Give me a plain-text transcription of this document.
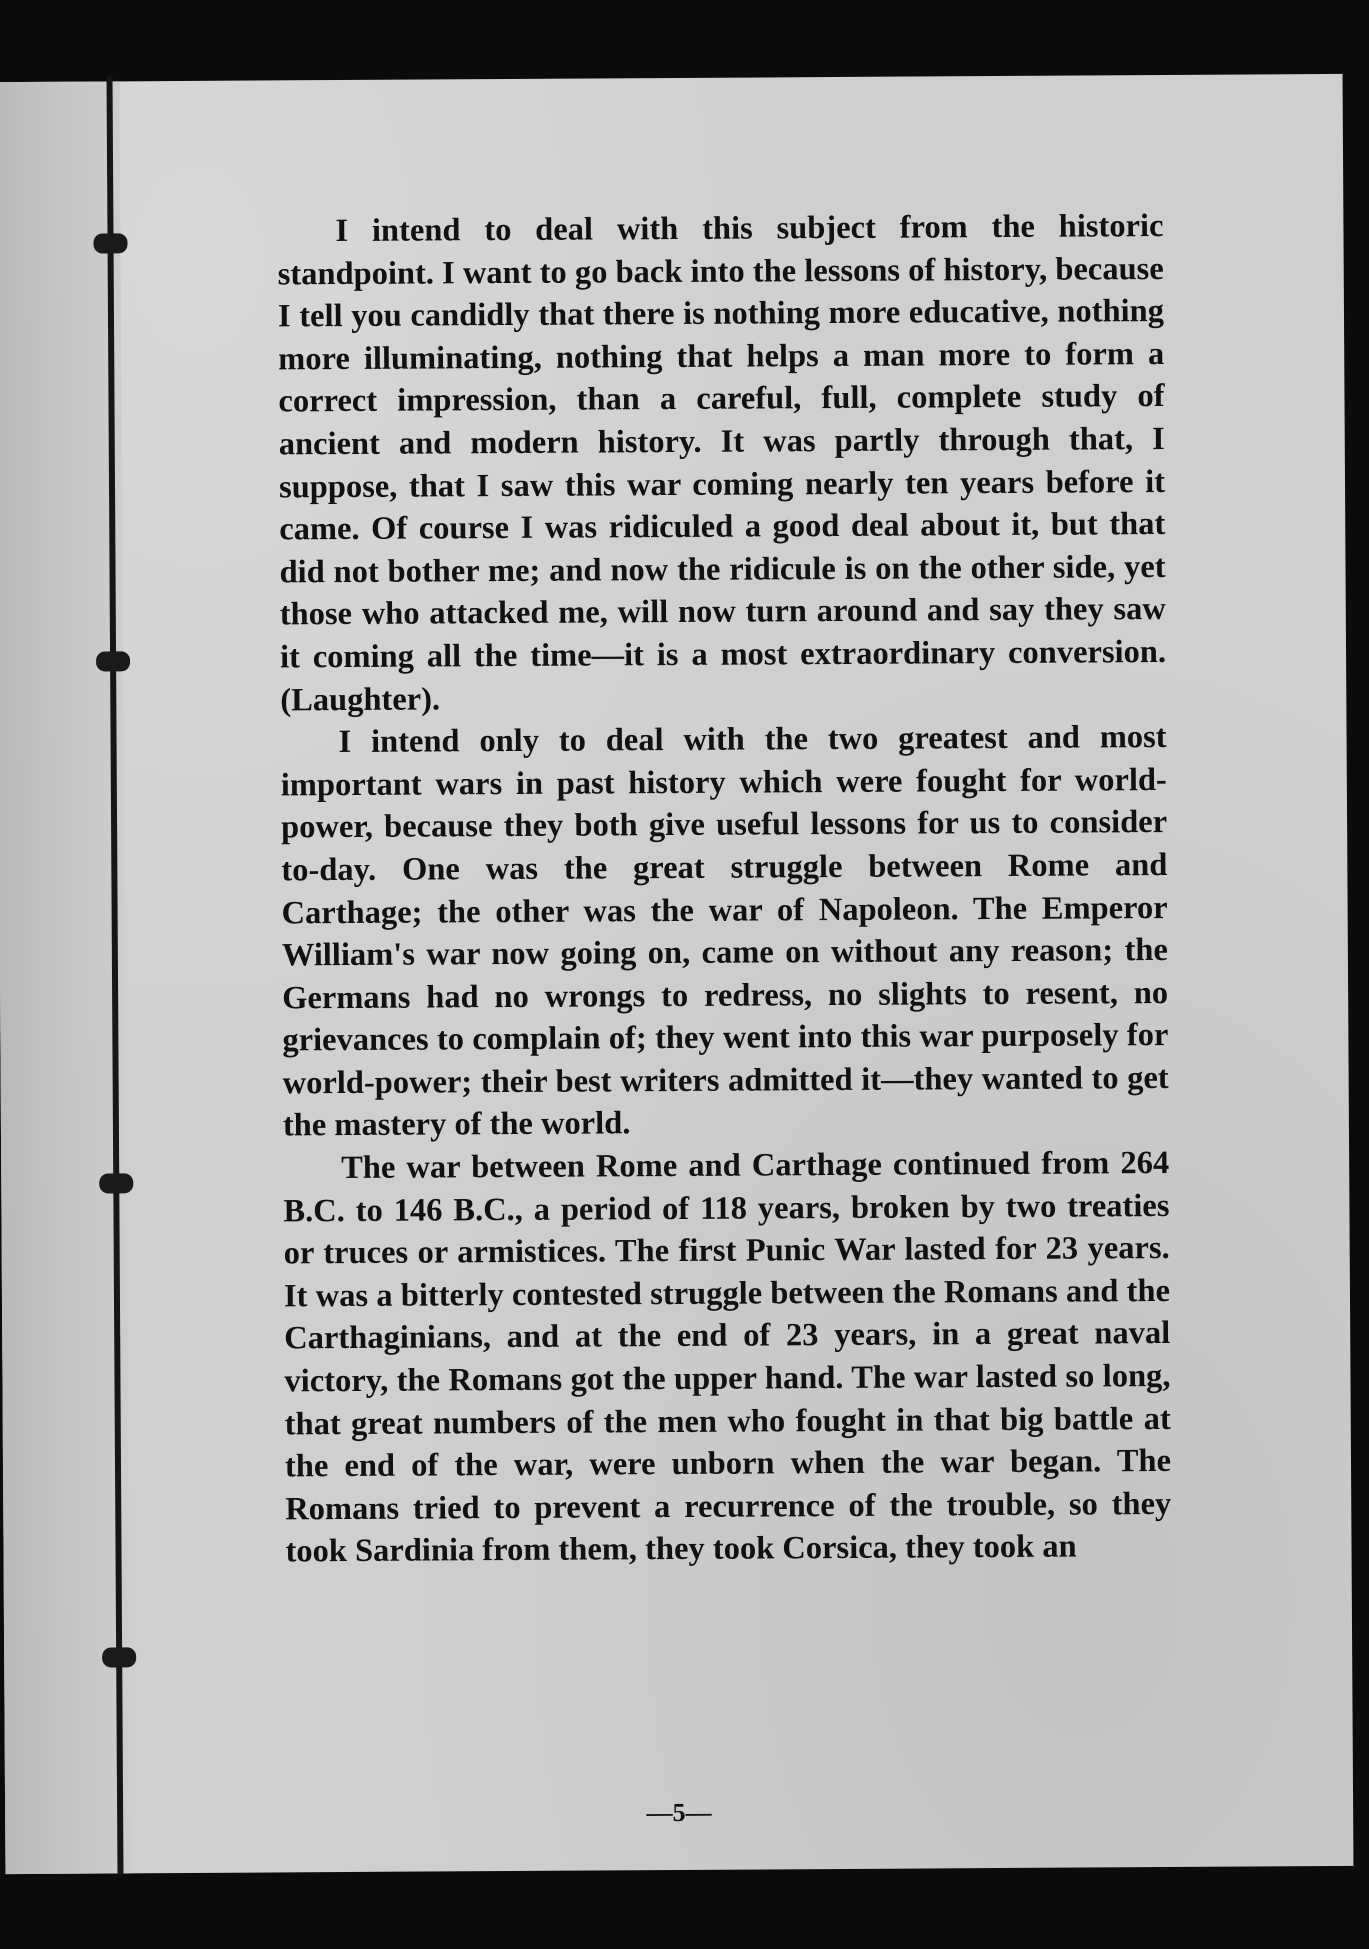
I intend to deal with this subject from the historic standpoint. I want to go back into the lessons of history, because I tell you candidly that there is nothing more educative, nothing more illuminating, nothing that helps a man more to form a correct impression, than a careful, full, complete study of ancient and modern history. It was partly through that, I suppose, that I saw this war coming nearly ten years before it came. Of course I was ridiculed a good deal about it, but that did not bother me; and now the ridicule is on the other side, yet those who attacked me, will now turn around and say they saw it coming all the time—it is a most extraordinary conversion. (Laughter).

I intend only to deal with the two greatest and most important wars in past history which were fought for world-power, because they both give useful lessons for us to consider to-day. One was the great struggle between Rome and Carthage; the other was the war of Napoleon. The Emperor William's war now going on, came on without any reason; the Germans had no wrongs to redress, no slights to resent, no grievances to complain of; they went into this war purposely for world-power; their best writers admitted it—they wanted to get the mastery of the world.

The war between Rome and Carthage continued from 264 B.C. to 146 B.C., a period of 118 years, broken by two treaties or truces or armistices. The first Punic War lasted for 23 years. It was a bitterly contested struggle between the Romans and the Carthaginians, and at the end of 23 years, in a great naval victory, the Romans got the upper hand. The war lasted so long, that great numbers of the men who fought in that big battle at the end of the war, were unborn when the war began. The Romans tried to prevent a recurrence of the trouble, so they took Sardinia from them, they took Corsica, they took an

—5—
